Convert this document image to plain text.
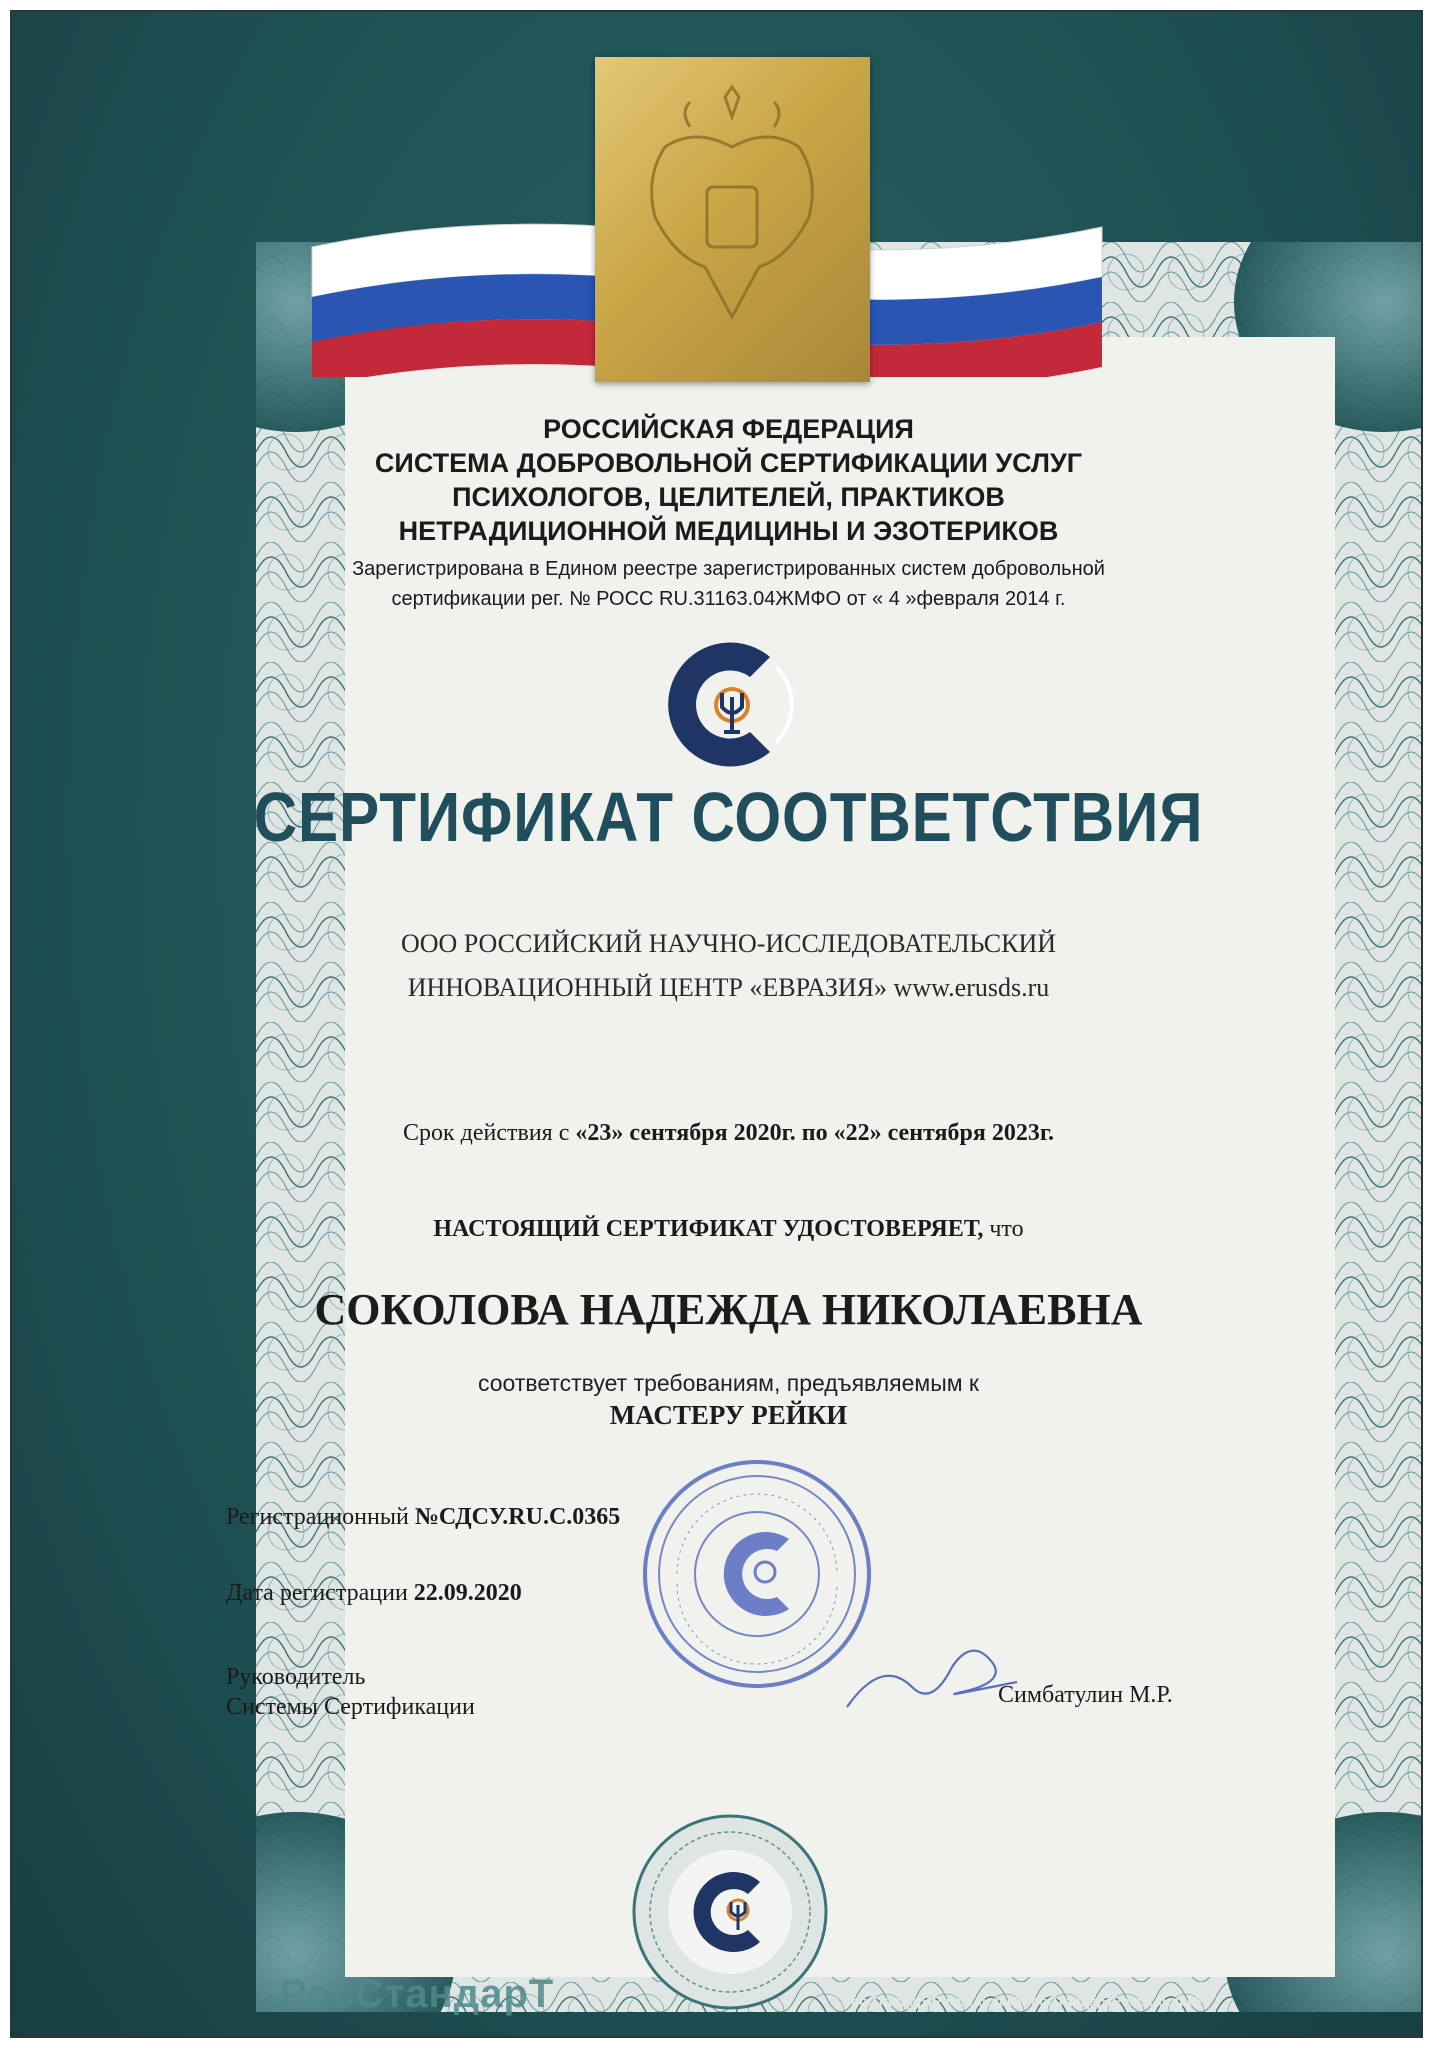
РОССИЙСКАЯ ФЕДЕРАЦИЯ
СИСТЕМА ДОБРОВОЛЬНОЙ СЕРТИФИКАЦИИ УСЛУГ
ПСИХОЛОГОВ, ЦЕЛИТЕЛЕЙ, ПРАКТИКОВ
НЕТРАДИЦИОННОЙ МЕДИЦИНЫ И ЭЗОТЕРИКОВ
Зарегистрирована в Едином реестре зарегистрированных систем добровольной
сертификации рег. № РОСС RU.31163.04ЖМФО от « 4 »февраля 2014 г.
СЕРТИФИКАТ СООТВЕТСТВИЯ
ООО РОССИЙСКИЙ НАУЧНО-ИССЛЕДОВАТЕЛЬСКИЙ
ИННОВАЦИОННЫЙ ЦЕНТР «ЕВРАЗИЯ» www.erusds.ru
Срок действия с «23» сентября 2020г. по «22» сентября 2023г.
НАСТОЯЩИЙ СЕРТИФИКАТ УДОСТОВЕРЯЕТ, что
СОКОЛОВА НАДЕЖДА НИКОЛАЕВНА
соответствует требованиям, предъявляемым к
МАСТЕРУ РЕЙКИ
Регистрационный №СДСУ.RU.C.0365
Дата регистрации 22.09.2020
Руководитель
Системы Сертификации	Симбатулин М.Р.
РосСтандарТ	РосСтандарТ
РосСтандарТ
РосСтандарТ
РосСтандарТ
